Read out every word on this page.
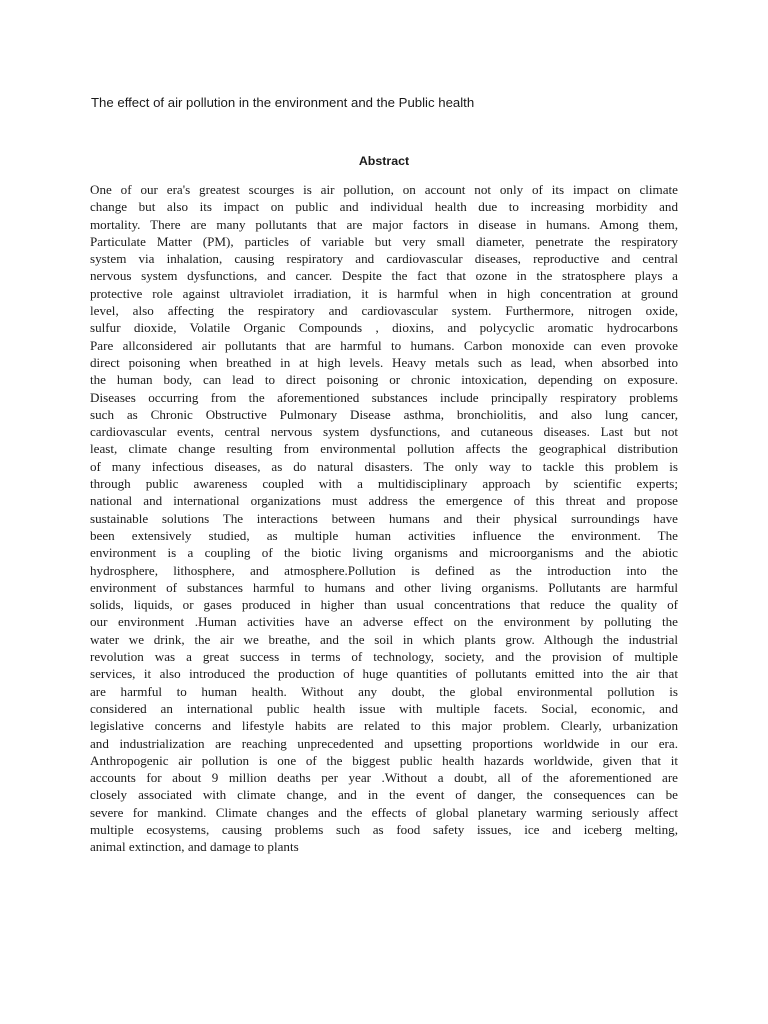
The effect of air pollution in the environment and the Public health
Abstract
One of our era's greatest scourges is air pollution, on account not only of its impact on climate
change but also its impact on public and individual health due to increasing morbidity and
mortality. There are many pollutants that are major factors in disease in humans. Among them,
Particulate Matter (PM), particles of variable but very small diameter, penetrate the respiratory
system via inhalation, causing respiratory and cardiovascular diseases, reproductive and central
nervous system dysfunctions, and cancer. Despite the fact that ozone in the stratosphere plays a
protective role against ultraviolet irradiation, it is harmful when in high concentration at ground
level, also affecting the respiratory and cardiovascular system. Furthermore, nitrogen oxide,
sulfur dioxide, Volatile Organic Compounds , dioxins, and polycyclic aromatic hydrocarbons
Pare allconsidered air pollutants that are harmful to humans. Carbon monoxide can even provoke
direct poisoning when breathed in at high levels. Heavy metals such as lead, when absorbed into
the human body, can lead to direct poisoning or chronic intoxication, depending on exposure.
Diseases occurring from the aforementioned substances include principally respiratory problems
such as Chronic Obstructive Pulmonary Disease asthma, bronchiolitis, and also lung cancer,
cardiovascular events, central nervous system dysfunctions, and cutaneous diseases. Last but not
least, climate change resulting from environmental pollution affects the geographical distribution
of many infectious diseases, as do natural disasters. The only way to tackle this problem is
through public awareness coupled with a multidisciplinary approach by scientific experts;
national and international organizations must address the emergence of this threat and propose
sustainable solutions The interactions between humans and their physical surroundings have
been extensively studied, as multiple human activities influence the environment. The
environment is a coupling of the biotic living organisms and microorganisms and the abiotic
hydrosphere, lithosphere, and atmosphere.Pollution is defined as the introduction into the
environment of substances harmful to humans and other living organisms. Pollutants are harmful
solids, liquids, or gases produced in higher than usual concentrations that reduce the quality of
our environment .Human activities have an adverse effect on the environment by polluting the
water we drink, the air we breathe, and the soil in which plants grow. Although the industrial
revolution was a great success in terms of technology, society, and the provision of multiple
services, it also introduced the production of huge quantities of pollutants emitted into the air that
are harmful to human health. Without any doubt, the global environmental pollution is
considered an international public health issue with multiple facets. Social, economic, and
legislative concerns and lifestyle habits are related to this major problem. Clearly, urbanization
and industrialization are reaching unprecedented and upsetting proportions worldwide in our era.
Anthropogenic air pollution is one of the biggest public health hazards worldwide, given that it
accounts for about 9 million deaths per year .Without a doubt, all of the aforementioned are
closely associated with climate change, and in the event of danger, the consequences can be
severe for mankind. Climate changes and the effects of global planetary warming seriously affect
multiple ecosystems, causing problems such as food safety issues, ice and iceberg melting,
animal extinction, and damage to plants
